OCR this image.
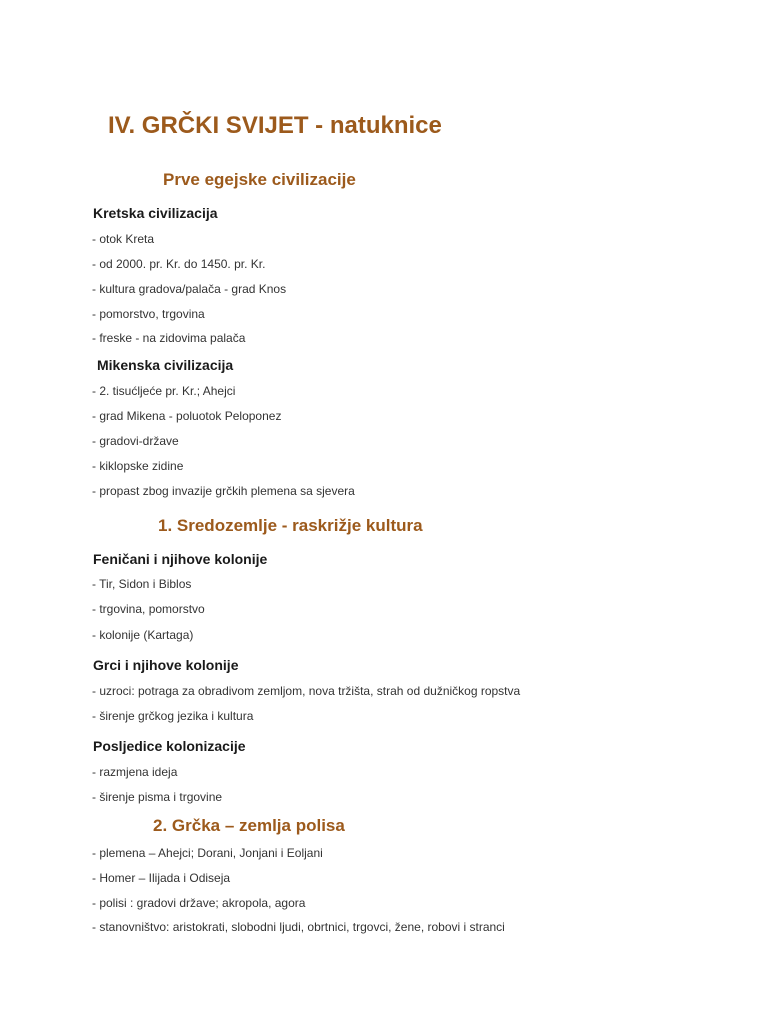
IV. GRČKI SVIJET - natuknice
Prve egejske civilizacije
Kretska civilizacija

- otok Kreta

- od 2000. pr. Kr. do 1450. pr. Kr.

- kultura gradova/palača - grad Knos

- pomorstvo, trgovina

- freske - na zidovima palača

Mikenska civilizacija

- 2. tisućljeće pr. Kr.; Ahejci

- grad Mikena - poluotok Peloponez

- gradovi-države

- kiklopske zidine

- propast zbog invazije grčkih plemena sa sjevera

1. Sredozemlje - raskrižje kultura
Feničani i njihove kolonije

- Tir, Sidon i Biblos

- trgovina, pomorstvo

- kolonije (Kartaga)

Grci i njihove kolonije

- uzroci: potraga za obradivom zemljom, nova tržišta, strah od dužničkog ropstva

- širenje grčkog jezika i kultura

Posljedice kolonizacije

- razmjena ideja

- širenje pisma i trgovine

2. Grčka – zemlja polisa

- plemena – Ahejci; Dorani, Jonjani i Eoljani

- Homer – Ilijada i Odiseja

- polisi : gradovi države; akropola, agora

- stanovništvo: aristokrati, slobodni ljudi, obrtnici, trgovci, žene, robovi i stranci
